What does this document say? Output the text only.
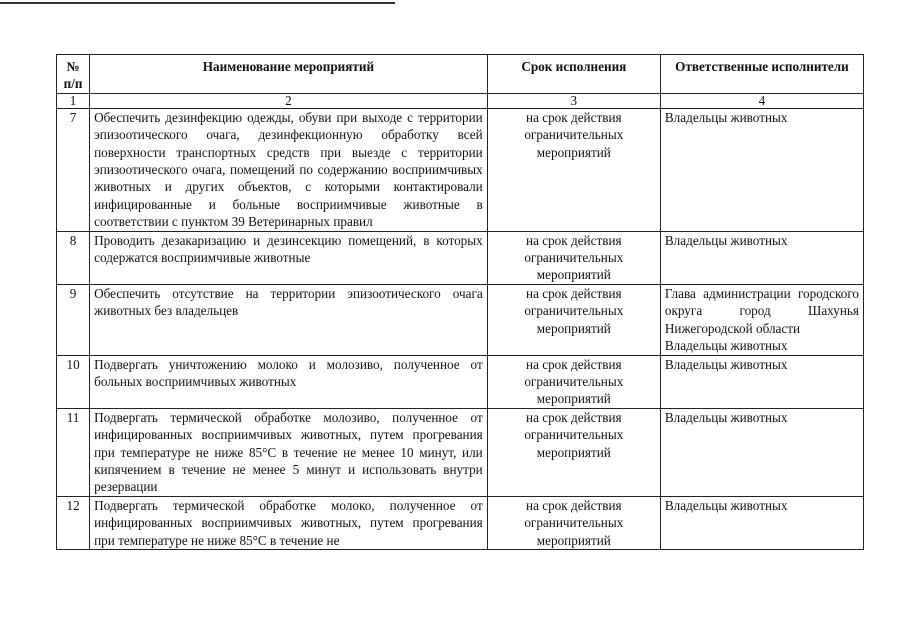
№ п/п	Наименование мероприятий	Срок исполнения	Ответственные исполнители
1	2	3	4
7	Обеспечить дезинфекцию одежды, обуви при выходе с территории эпизоотического очага, дезинфекционную обработку всей поверхности транспортных средств при выезде с территории эпизоотического очага, помещений по содержанию восприимчивых животных и других объектов, с которыми контактировали инфицированные и больные восприимчивые животные в соответствии с пунктом 39 Ветеринарных правил	на срок действия ограничительных мероприятий	Владельцы животных
8	Проводить дезакаризацию и дезинсекцию помещений, в которых содержатся восприимчивые животные	на срок действия ограничительных мероприятий	Владельцы животных
9	Обеспечить отсутствие на территории эпизоотического очага животных без владельцев	на срок действия ограничительных мероприятий	Глава администрации городского округа город Шахунья Нижегородской области
Владельцы животных

10	Подвергать уничтожению молоко и молозиво, полученное от больных восприимчивых животных	на срок действия ограничительных мероприятий	Владельцы животных
11	Подвергать термической обработке молозиво, полученное от инфицированных восприимчивых животных, путем прогревания при температуре не ниже 85°С в течение не менее 10 минут, или кипячением в течение не менее 5 минут и использовать внутри резервации	на срок действия ограничительных мероприятий	Владельцы животных
12	Подвергать термической обработке молоко, полученное от инфицированных восприимчивых животных, путем прогревания при температуре не ниже 85°С в течение не	на срок действия ограничительных мероприятий	Владельцы животных
